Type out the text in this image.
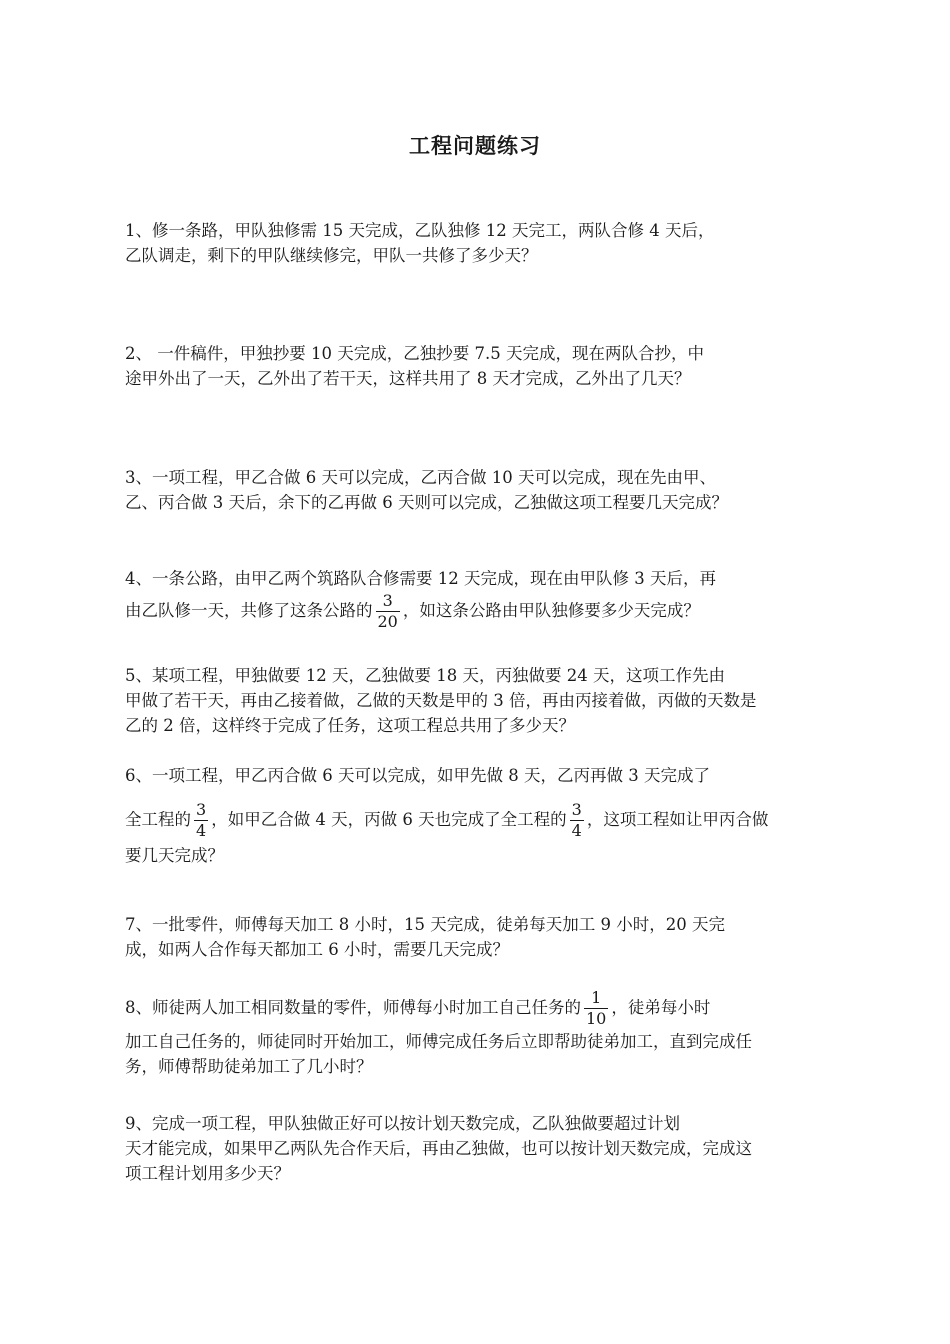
工程问题练习
1、修一条路，甲队独修需 15 天完成，乙队独修 12 天完工，两队合修 4 天后，
乙队调走，剩下的甲队继续修完，甲队一共修了多少天？
2、 一件稿件，甲独抄要 10 天完成，乙独抄要 7.5 天完成，现在两队合抄，中
途甲外出了一天，乙外出了若干天，这样共用了 8 天才完成，乙外出了几天？
3、一项工程，甲乙合做 6 天可以完成，乙丙合做 10 天可以完成，现在先由甲、
乙、丙合做 3 天后，余下的乙再做 6 天则可以完成，乙独做这项工程要几天完成？
4、一条公路，由甲乙两个筑路队合修需要 12 天完成，现在由甲队修 3 天后，再
由乙队修一天，共修了这条公路的 $\frac{3}{20}$ ，如这条公路由甲队独修要多少天完成？
5、某项工程，甲独做要 12 天，乙独做要 18 天，丙独做要 24 天，这项工作先由
甲做了若干天，再由乙接着做，乙做的天数是甲的 3 倍，再由丙接着做，丙做的天数是
乙的 2 倍，这样终于完成了任务，这项工程总共用了多少天？
6、一项工程，甲乙丙合做 6 天可以完成，如甲先做 8 天，乙丙再做 3 天完成了
全工程的 $\frac{3}{4}$ ，如甲乙合做 4 天，丙做 6 天也完成了全工程的 $\frac{3}{4}$ ，这项工程如让甲丙合做
要几天完成？
7、一批零件，师傅每天加工 8 小时，15 天完成，徒弟每天加工 9 小时，20 天完
成，如两人合作每天都加工 6 小时，需要几天完成？
8、师徒两人加工相同数量的零件，师傅每小时加工自己任务的 $\frac{1}{10}$ ，徒弟每小时
加工自己任务的，师徒同时开始加工，师傅完成任务后立即帮助徒弟加工，直到完成任
务，师傅帮助徒弟加工了几小时？
9、完成一项工程，甲队独做正好可以按计划天数完成，乙队独做要超过计划
天才能完成，如果甲乙两队先合作天后，再由乙独做，也可以按计划天数完成，完成这
项工程计划用多少天？
